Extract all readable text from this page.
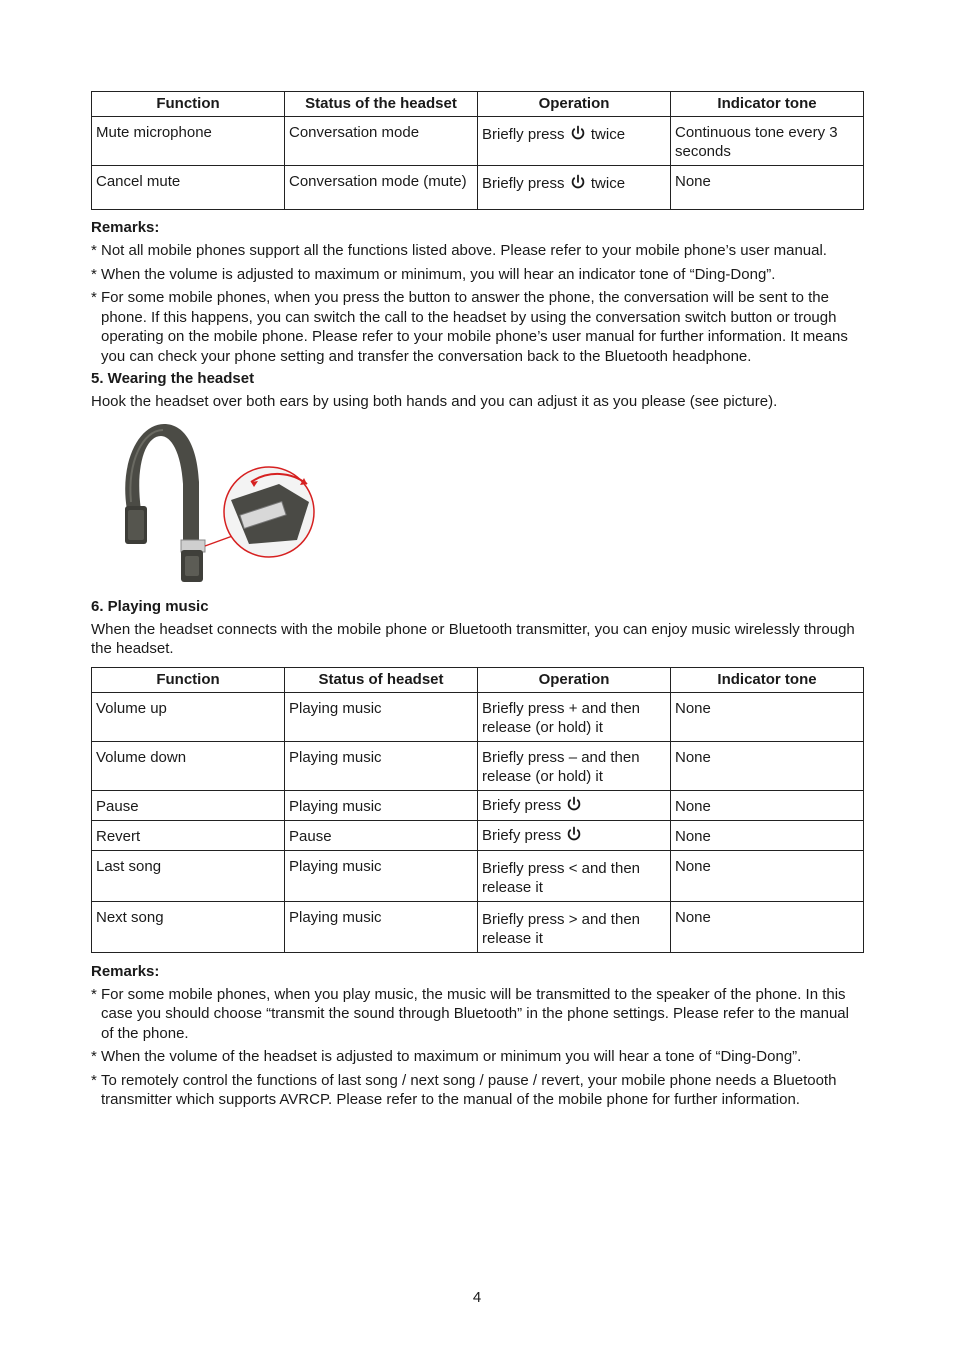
Function	Status of the headset	Operation	Indicator tone
Mute microphone	Conversation mode	Briefly press twice	Continuous tone every 3 seconds
Cancel mute	Conversation mode (mute)	Briefly press twice	None
Remarks:
* Not all mobile phones support all the functions listed above. Please refer to your mobile phone’s user manual.
* When the volume is adjusted to maximum or minimum, you will hear an indicator tone of “Ding-Dong”.
* For some mobile phones, when you press the button to answer the phone, the conversation will be sent to the phone. If this happens, you can switch the call to the headset by using the conversation switch button or trough operating on the mobile phone. Please refer to your mobile phone’s user manual for further information. It means you can check your phone setting and transfer the conversation back to the Bluetooth headphone.
5. Wearing the headset
Hook the headset over both ears by using both hands and you can adjust it as you please (see picture).
6. Playing music
When the headset connects with the mobile phone or Bluetooth transmitter, you can enjoy music wirelessly through the headset.
Function	Status of headset	Operation	Indicator tone
Volume up	Playing music	Briefly press + and then release (or hold) it	None
Volume down	Playing music	Briefly press – and then release (or hold) it	None
Pause	Playing music	Briefy press	None
Revert	Pause	Briefy press	None
Last song	Playing music	Briefly press < and then release it	None
Next song	Playing music	Briefly press > and then release it	None
Remarks:
* For some mobile phones, when you play music, the music will be transmitted to the speaker of the phone. In this case you should choose “transmit the sound through Bluetooth” in the phone settings. Please refer to the manual of the phone.
* When the volume of the headset is adjusted to maximum or minimum you will hear a tone of “Ding-Dong”.
* To remotely control the functions of last song / next song / pause / revert, your mobile phone needs a Bluetooth transmitter which supports AVRCP. Please refer to the manual of the mobile phone for further information.
4
